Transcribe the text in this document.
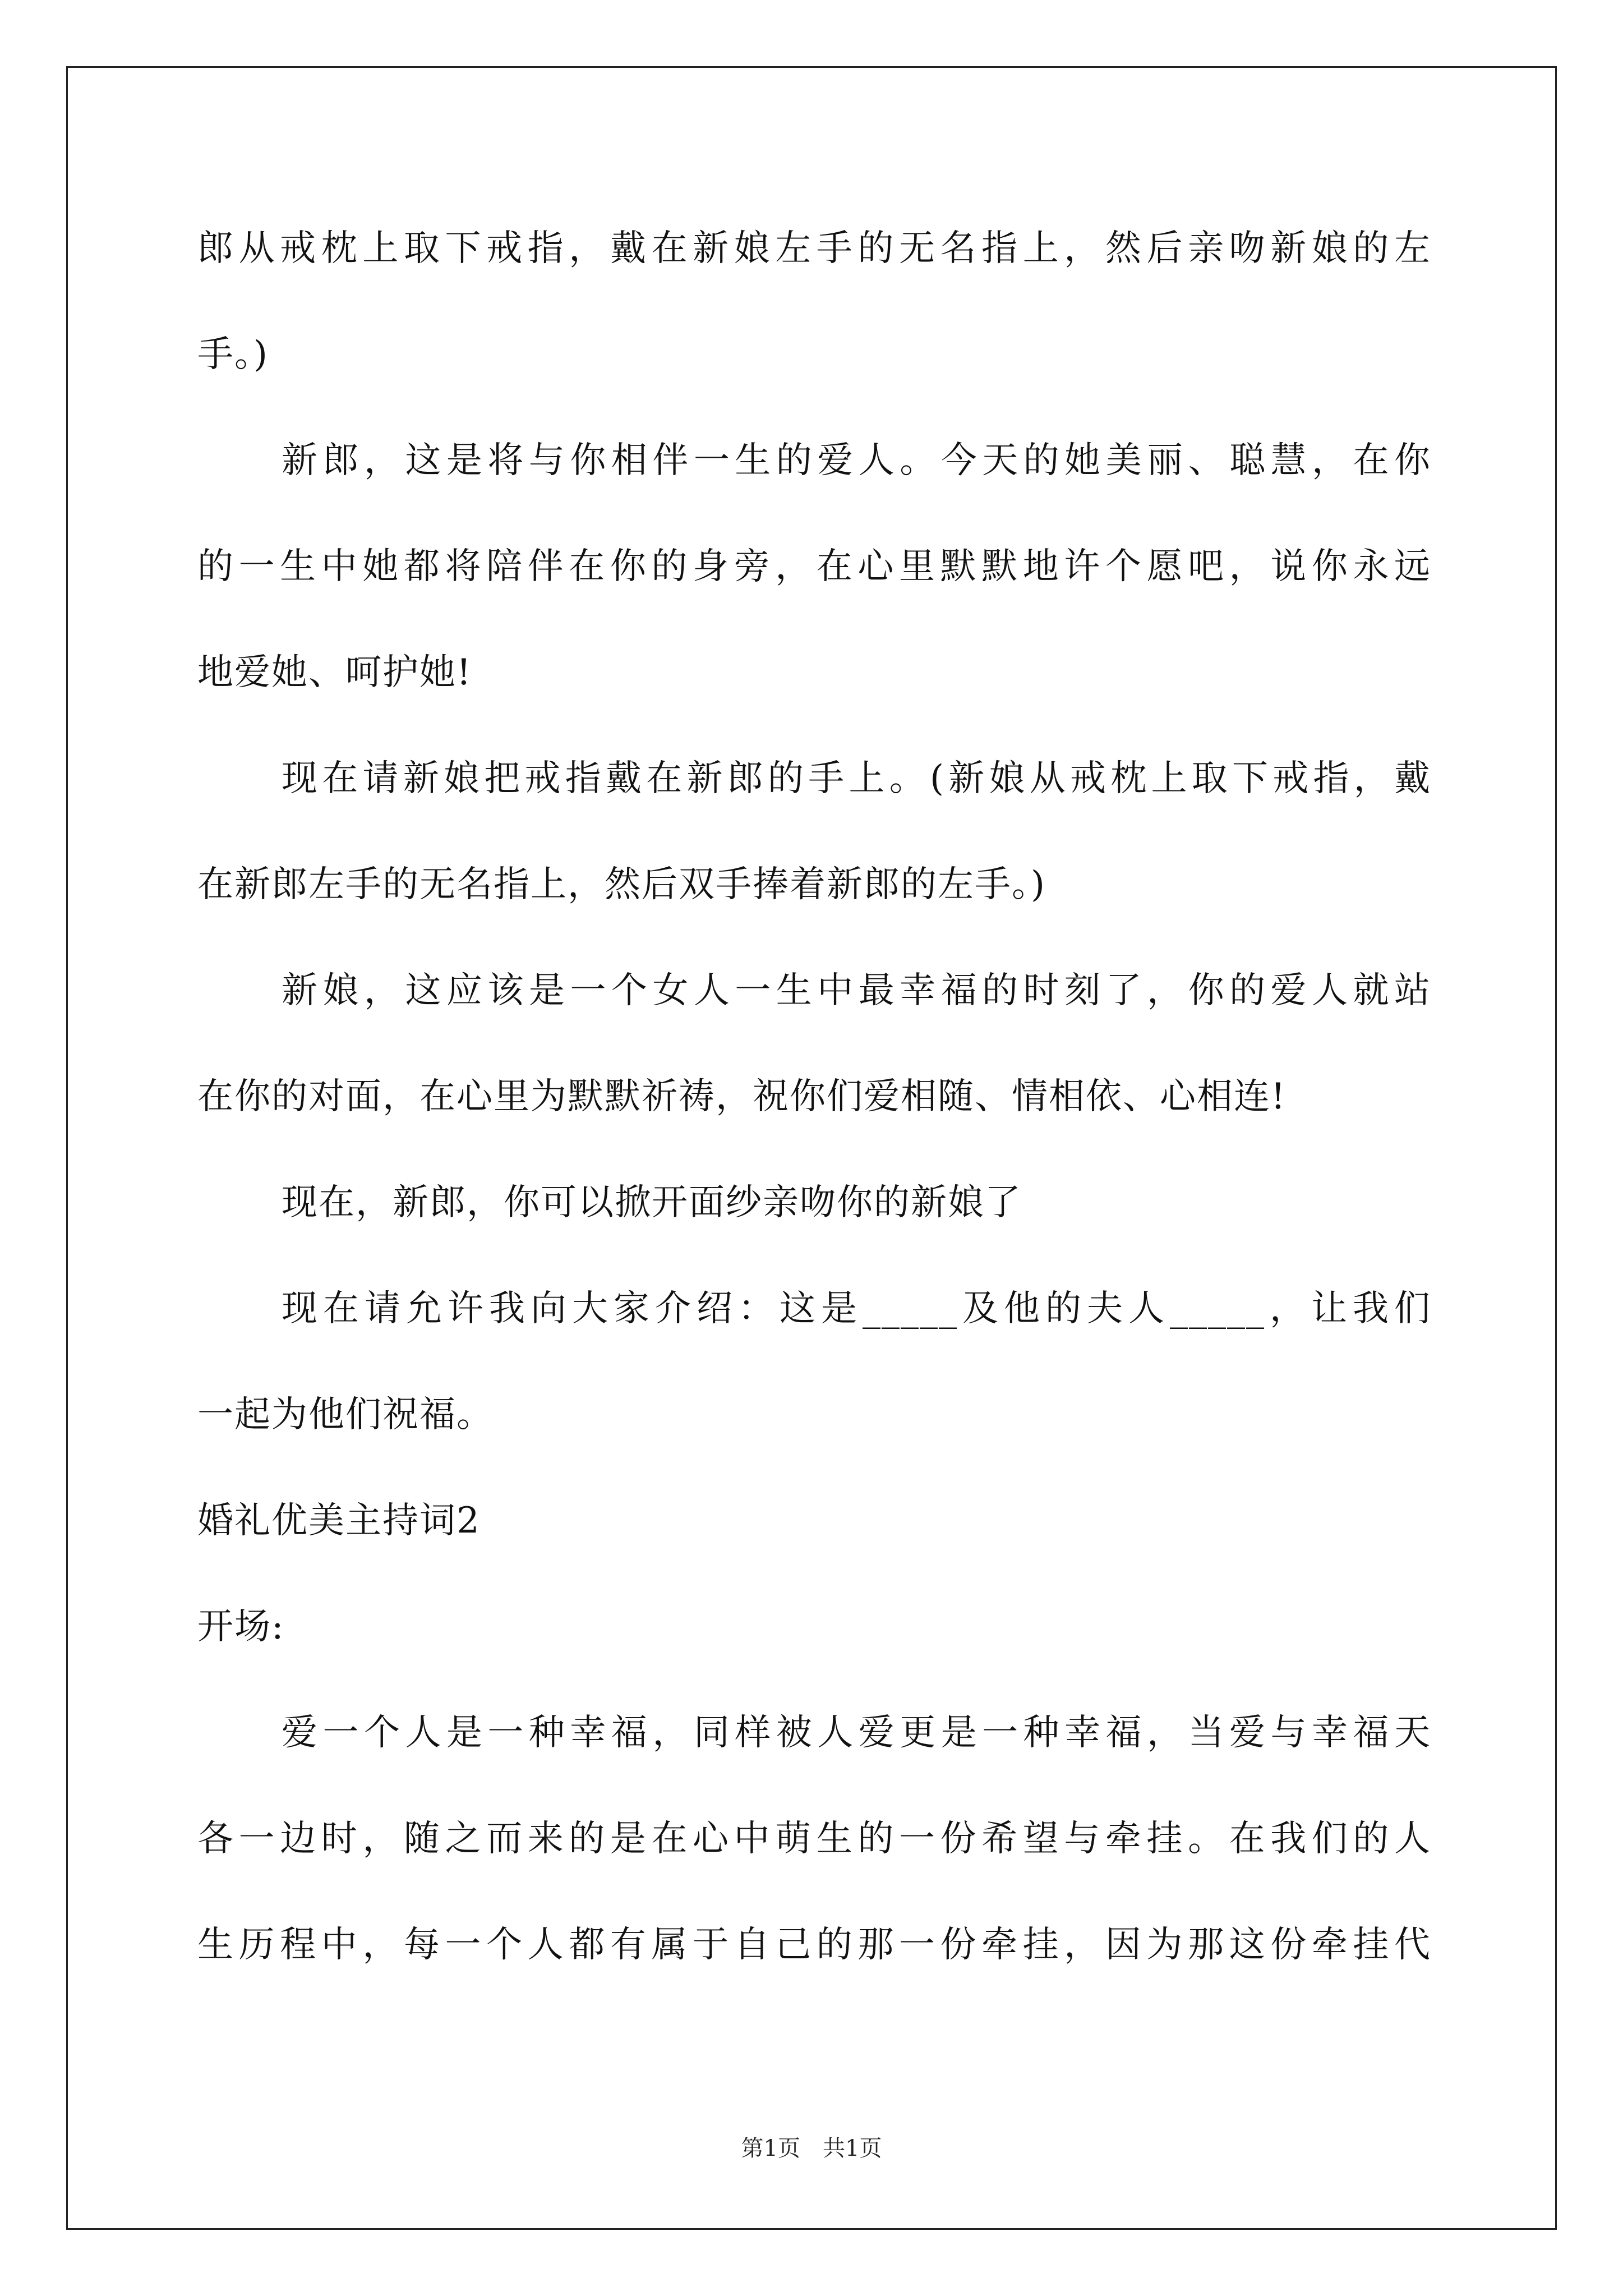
郎从戒枕上取下戒指，戴在新娘左手的无名指上，然后亲吻新娘的左
手。)
新郎，这是将与你相伴一生的爱人。今天的她美丽、聪慧，在你
的一生中她都将陪伴在你的身旁，在心里默默地许个愿吧，说你永远
地爱她、呵护她!
现在请新娘把戒指戴在新郎的手上。(新娘从戒枕上取下戒指，戴
在新郎左手的无名指上，然后双手捧着新郎的左手。)
新娘，这应该是一个女人一生中最幸福的时刻了，你的爱人就站
在你的对面，在心里为默默祈祷，祝你们爱相随、情相依、心相连!
现在，新郎，你可以掀开面纱亲吻你的新娘了
现在请允许我向大家介绍：这是_____及他的夫人_____，让我们
一起为他们祝福。
婚礼优美主持词2
开场:
爱一个人是一种幸福，同样被人爱更是一种幸福，当爱与幸福天
各一边时，随之而来的是在心中萌生的一份希望与牵挂。在我们的人
生历程中，每一个人都有属于自己的那一份牵挂，因为那这份牵挂代
第1页　共1页
